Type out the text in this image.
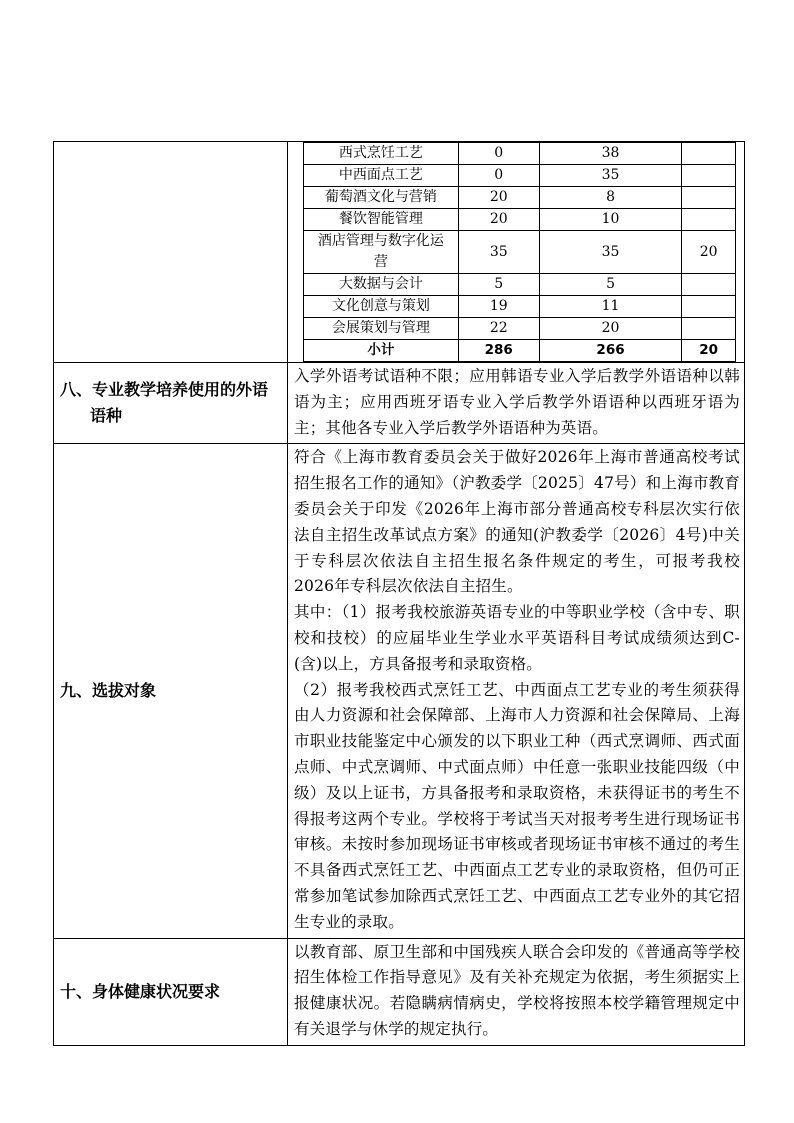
西式烹饪工艺	0	38	
中西面点工艺	0	35	
葡萄酒文化与营销	20	8	
餐饮智能管理	20	10	
酒店管理与数字化运营	35	35	20
大数据与会计	5	5	
文化创意与策划	19	11	
会展策划与管理	22	20	
小计	286	266	20

八、专业教学培养使用的外语
语种

入学外语考试语种不限；应用韩语专业入学后教学外语语种以韩语为主；应用西班牙语专业入学后教学外语语种以西班牙语为主；其他各专业入学后教学外语语种为英语。

九、选拔对象

符合《上海市教育委员会关于做好2026年上海市普通高校考试招生报名工作的通知》（沪教委学〔2025〕47号）和上海市教育委员会关于印发《2026年上海市部分普通高校专科层次实行依法自主招生改革试点方案》的通知(沪教委学〔2026〕4号)中关于专科层次依法自主招生报名条件规定的考生，可报考我校2026年专科层次依法自主招生。

其中：（1）报考我校旅游英语专业的中等职业学校（含中专、职校和技校）的应届毕业生学业水平英语科目考试成绩须达到C-(含)以上，方具备报考和录取资格。

（2）报考我校西式烹饪工艺、中西面点工艺专业的考生须获得由人力资源和社会保障部、上海市人力资源和社会保障局、上海市职业技能鉴定中心颁发的以下职业工种（西式烹调师、西式面点师、中式烹调师、中式面点师）中任意一张职业技能四级（中级）及以上证书，方具备报考和录取资格，未获得证书的考生不得报考这两个专业。学校将于考试当天对报考考生进行现场证书审核。未按时参加现场证书审核或者现场证书审核不通过的考生不具备西式烹饪工艺、中西面点工艺专业的录取资格，但仍可正常参加笔试参加除西式烹饪工艺、中西面点工艺专业外的其它招生专业的录取。

十、身体健康状况要求

以教育部、原卫生部和中国残疾人联合会印发的《普通高等学校招生体检工作指导意见》及有关补充规定为依据，考生须据实上报健康状况。若隐瞒病情病史，学校将按照本校学籍管理规定中有关退学与休学的规定执行。
